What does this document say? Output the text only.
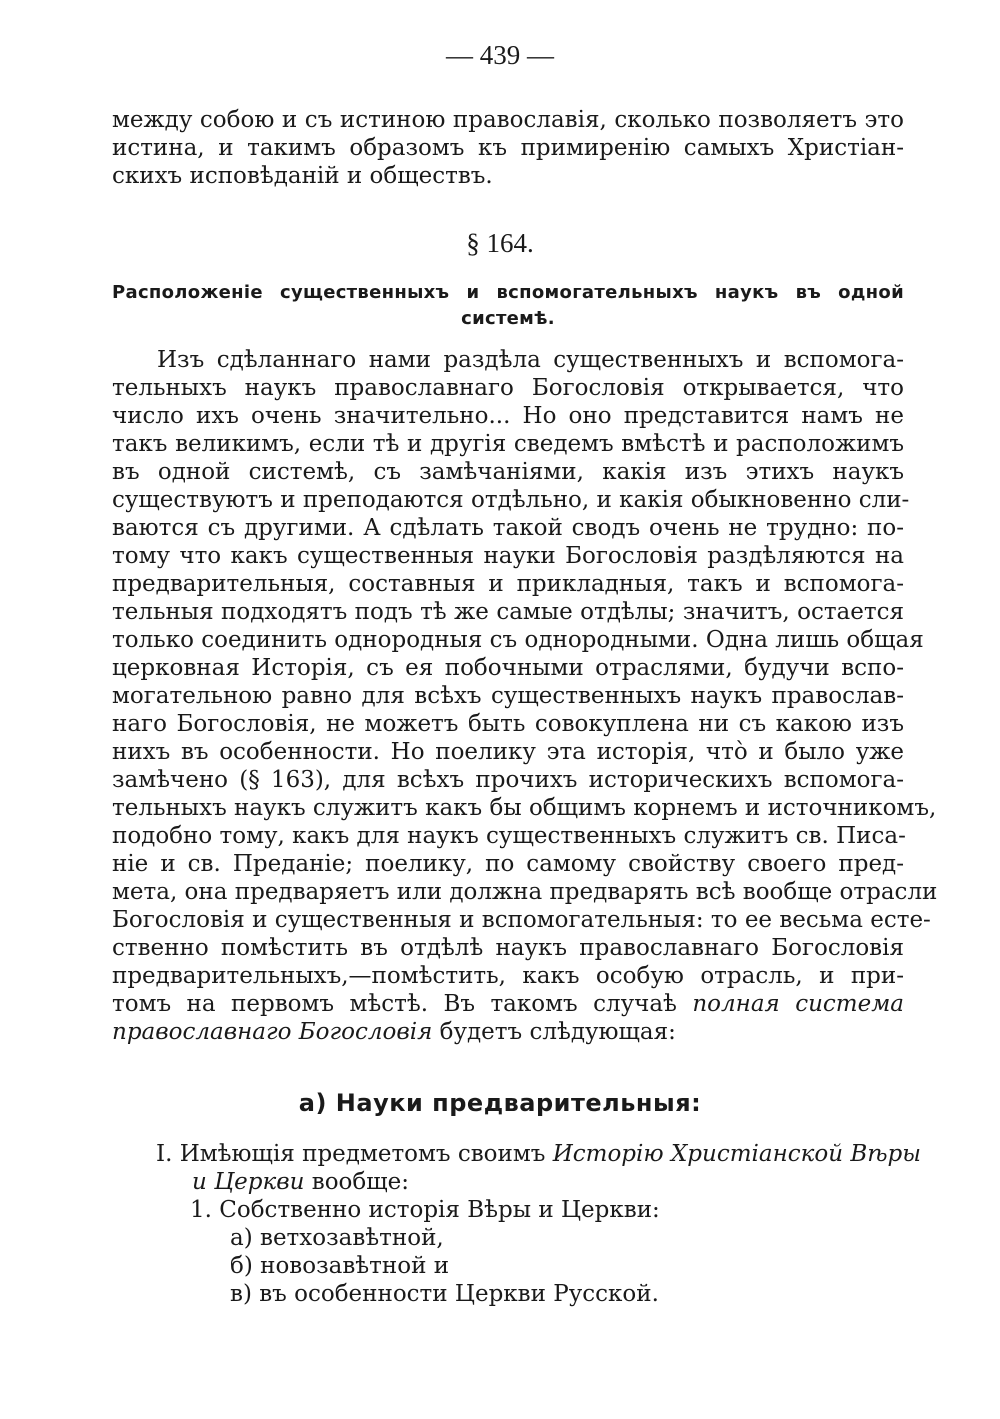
— 439 —
между собою и съ истиною православія, сколько позволяетъ это
истина, и такимъ образомъ къ примиренію самыхъ Христіан-
скихъ исповѣданій и обществъ.
§ 164.
Расположеніе существенныхъ и вспомогательныхъ наукъ въ одной
системѣ.
Изъ сдѣланнаго нами раздѣла существенныхъ и вспомога-
тельныхъ наукъ православнаго Богословія открывается, что
число ихъ очень значительно... Но оно представится намъ не
такъ великимъ, если тѣ и другія сведемъ вмѣстѣ и расположимъ
въ одной системѣ, съ замѣчаніями, какія изъ этихъ наукъ
существуютъ и преподаются отдѣльно, и какія обыкновенно сли-
ваются съ другими. А сдѣлать такой сводъ очень не трудно: по-
тому что какъ существенныя науки Богословія раздѣляются на
предварительныя, составныя и прикладныя, такъ и вспомога-
тельныя подходятъ подъ тѣ же самые отдѣлы; значитъ, остается
только соединить однородныя съ однородными. Одна лишь общая
церковная Исторія, съ ея побочными отраслями, будучи вспо-
могательною равно для всѣхъ существенныхъ наукъ православ-
наго Богословія, не можетъ быть совокуплена ни съ какою изъ
нихъ въ особенности. Но поелику эта исторія, что̀ и было уже
замѣчено (§ 163), для всѣхъ прочихъ историческихъ вспомога-
тельныхъ наукъ служитъ какъ бы общимъ корнемъ и источникомъ,
подобно тому, какъ для наукъ существенныхъ служитъ св. Писа-
ніе и св. Преданіе; поелику, по самому свойству своего пред-
мета, она предваряетъ или должна предварять всѣ вообще отрасли
Богословія и существенныя и вспомогательныя: то ее весьма есте-
ственно помѣстить въ отдѣлѣ наукъ православнаго Богословія
предварительныхъ,—помѣстить, какъ особую отрасль, и при-
томъ на первомъ мѣстѣ. Въ такомъ случаѣ полная система
православнаго Богословія будетъ слѣдующая:
а) Науки предварительныя:
I. Имѣющія предметомъ своимъ Исторію Христіанской Вѣры
и Церкви вообще:
1. Собственно исторія Вѣры и Церкви:
а) ветхозавѣтной,
б) новозавѣтной и
в) въ особенности Церкви Русской.
